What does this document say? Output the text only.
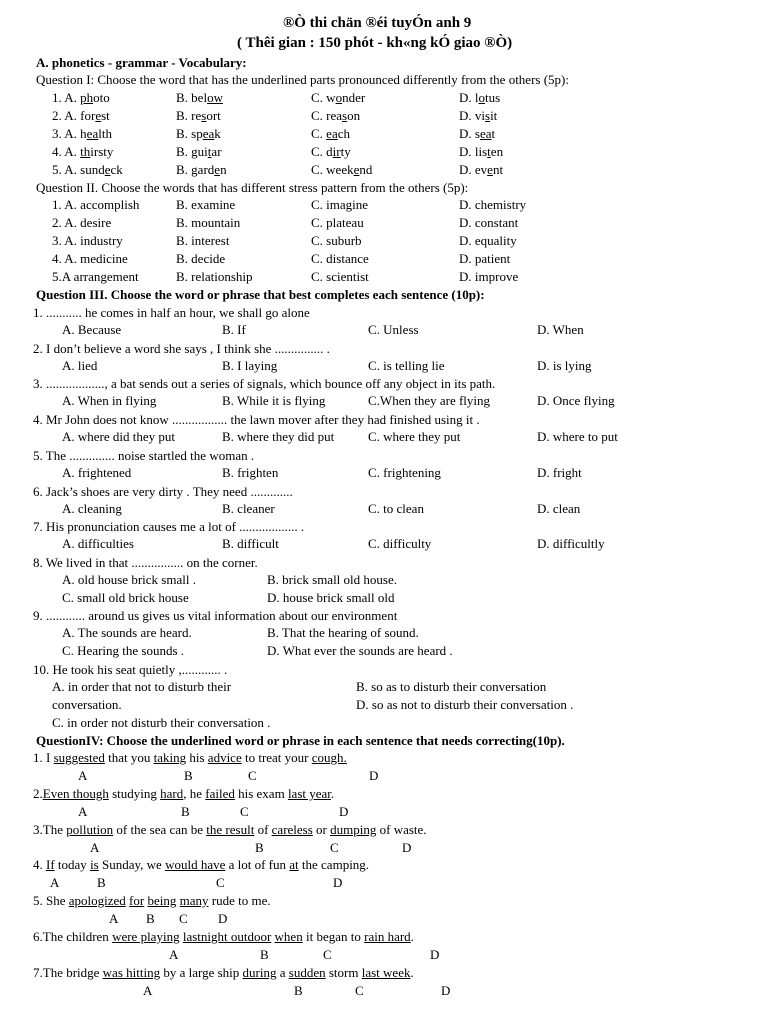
®Ò thi chän ®éi tuyÓn anh 9
( Thêi gian : 150 phót - kh«ng kÓ giao ®Ò)
A. phonetics - grammar - Vocabulary:
Question I: Choose the word that has the underlined parts pronounced differently from the others (5p):
1. A. photo	B. below	C. wonder	D. lotus
2. A. forest	B. resort	C. reason	D. visit
3. A. health	B. speak	C. each	D. seat
4. A. thirsty	B. guitar	C. dirty	D. listen
5. A. sundeck	B. garden	C. weekend	D. event
Question II. Choose the words that has different stress pattern from the others (5p):
1. A. accomplish	B. examine	C. imagine	D. chemistry
2. A. desire	B. mountain	C. plateau	D. constant
3. A. industry	B. interest	C. suburb	D. equality
4. A. medicine	B. decide	C. distance	D. patient
5.A arrangement	B. relationship	C. scientist	D. improve
Question III. Choose the word or phrase that best completes each sentence (10p):
1. ........... he comes in half an hour, we shall go alone
A. Because	B. If	C. Unless	D. When
2. I don’t believe a word she says , I think she ............... .
A. lied	B. I laying	C. is telling lie	D. is lying
3. .................., a bat sends out a series of signals, which bounce off any object in its path.
A. When in flying	B. While it is flying	C.When they are flying	D. Once flying
4. Mr John does not know ................. the lawn mover after they had finished using it .
A. where did they put	B. where they did put	C. where they put	D. where to put
5. The .............. noise startled the woman .
A. frightened	B. frighten	C. frightening	D. fright
6. Jack’s shoes are very dirty . They need .............
A. cleaning	B. cleaner	C. to clean	D. clean
7. His pronunciation causes me a lot of .................. .
A. difficulties	B. difficult	C. difficulty	D. difficultly
8. We lived in that ................ on the corner.
A. old house brick small .	B. brick small old house.
C. small old brick house	D. house brick small old
9. ............ around us gives us vital information about our environment
A. The sounds are heard.	B. That the hearing of sound.
C. Hearing the sounds .	D. What ever the sounds are heard .
10. He took his seat quietly ,............ .
A. in order that not to disturb their	B. so as to disturb their conversation
conversation.	D. so as not to disturb their conversation .
C. in order not disturb their conversation .
QuestionIV: Choose the underlined word or phrase in each sentence that needs correcting(10p).
1. I suggested that you taking his advice to treat your cough.
A	B	C	D
2.Even though studying hard, he failed his exam last year.
A	B	C	D
3.The pollution of the sea can be the result of careless or dumping of waste.
A	B	C	D
4. If today is Sunday, we would have a lot of fun at the camping.
A	B	C	D
5. She apologized for being many rude to me.
A B C D
6.The children were playing lastnight outdoor when it began to rain hard.
A	B	C	D
7.The bridge was hitting by a large ship during a sudden storm last week.
A	B	C	D
